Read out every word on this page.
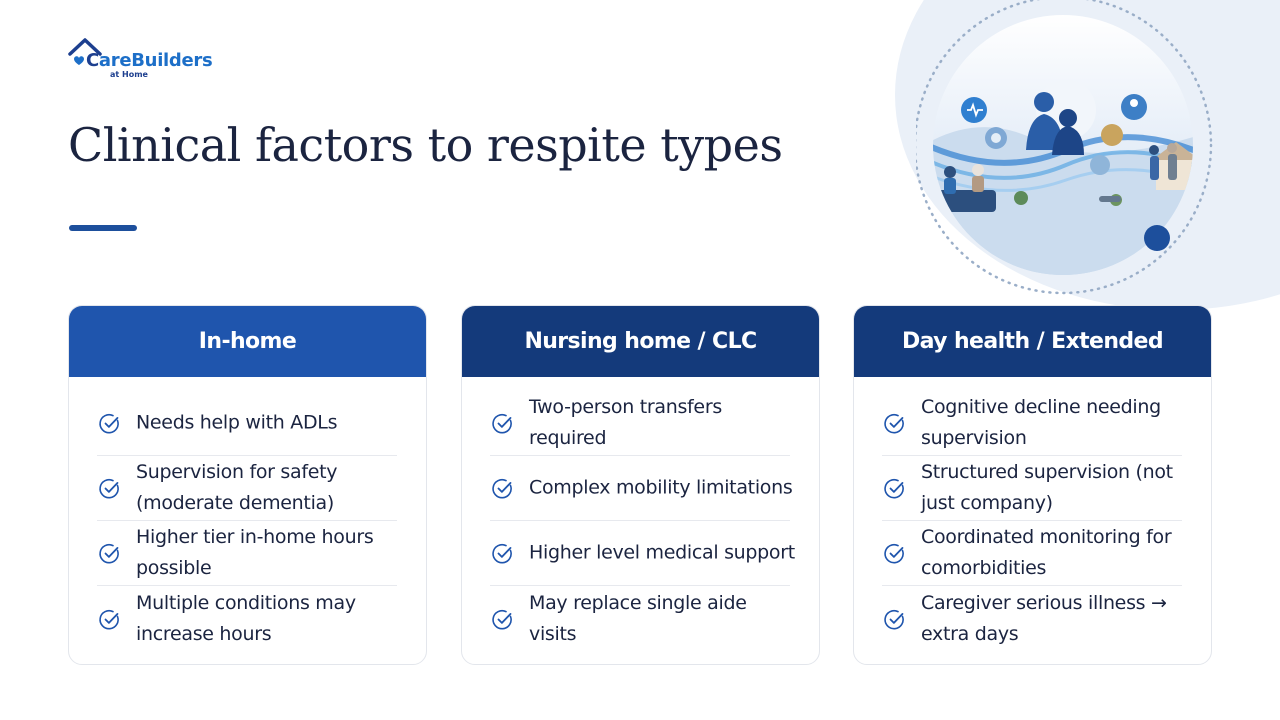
CareBuilders
at Home
Clinical factors to respite types
In-home
Needs help with ADLs
Supervision for safety (moderate dementia)
Higher tier in-home hours possible
Multiple conditions may increase hours
Nursing home / CLC
Two-person transfers required
Complex mobility limitations
Higher level medical support
May replace single aide visits
Day health / Extended
Cognitive decline needing supervision
Structured supervision (not just company)
Coordinated monitoring for comorbidities
Caregiver serious illness → extra days
